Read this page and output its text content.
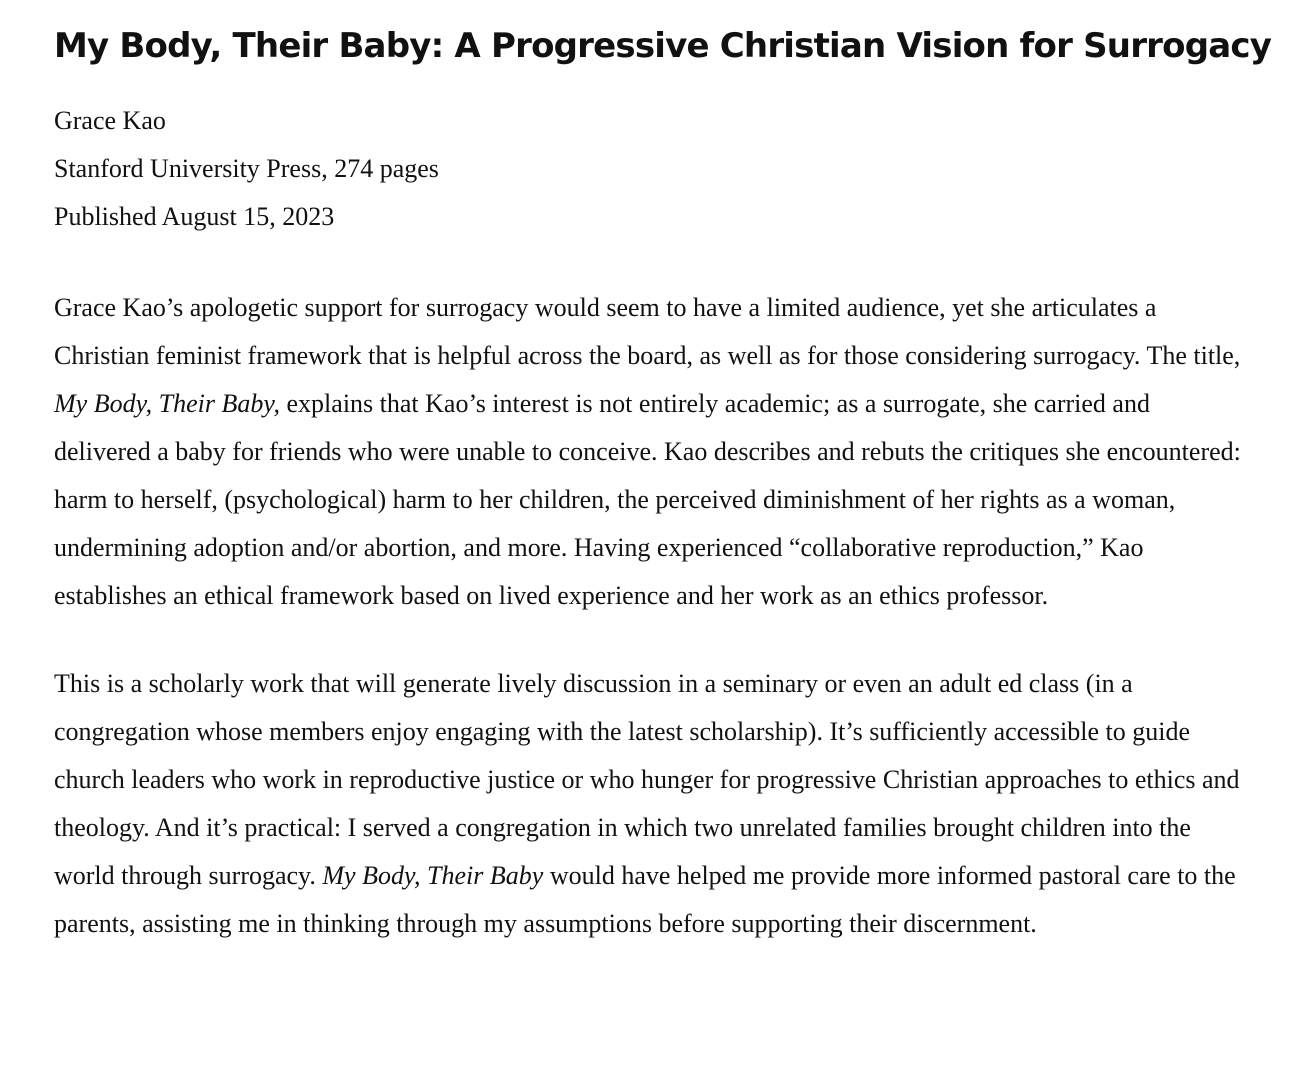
My Body, Their Baby: A Progressive Christian Vision for Surrogacy
Grace Kao
Stanford University Press, 274 pages
Published August 15, 2023

Grace Kao’s apologetic support for surrogacy would seem to have a limited audience, yet she articulates a Christian feminist framework that is helpful across the board, as well as for those considering surrogacy. The title, My Body, Their Baby, explains that Kao’s interest is not entirely academic; as a surrogate, she carried and delivered a baby for friends who were unable to conceive. Kao describes and rebuts the critiques she encountered: harm to herself, (psychological) harm to her children, the perceived diminishment of her rights as a woman, undermining adoption and/or abortion, and more. Having experienced “collaborative reproduction,” Kao establishes an ethical framework based on lived experience and her work as an ethics professor.

This is a scholarly work that will generate lively discussion in a seminary or even an adult ed class (in a congregation whose members enjoy engaging with the latest scholarship). It’s sufficiently accessible to guide church leaders who work in reproductive justice or who hunger for progressive Christian approaches to ethics and theology. And it’s practical: I served a congregation in which two unrelated families brought children into the world through surrogacy. My Body, Their Baby would have helped me provide more informed pastoral care to the parents, assisting me in thinking through my assumptions before supporting their discernment.
